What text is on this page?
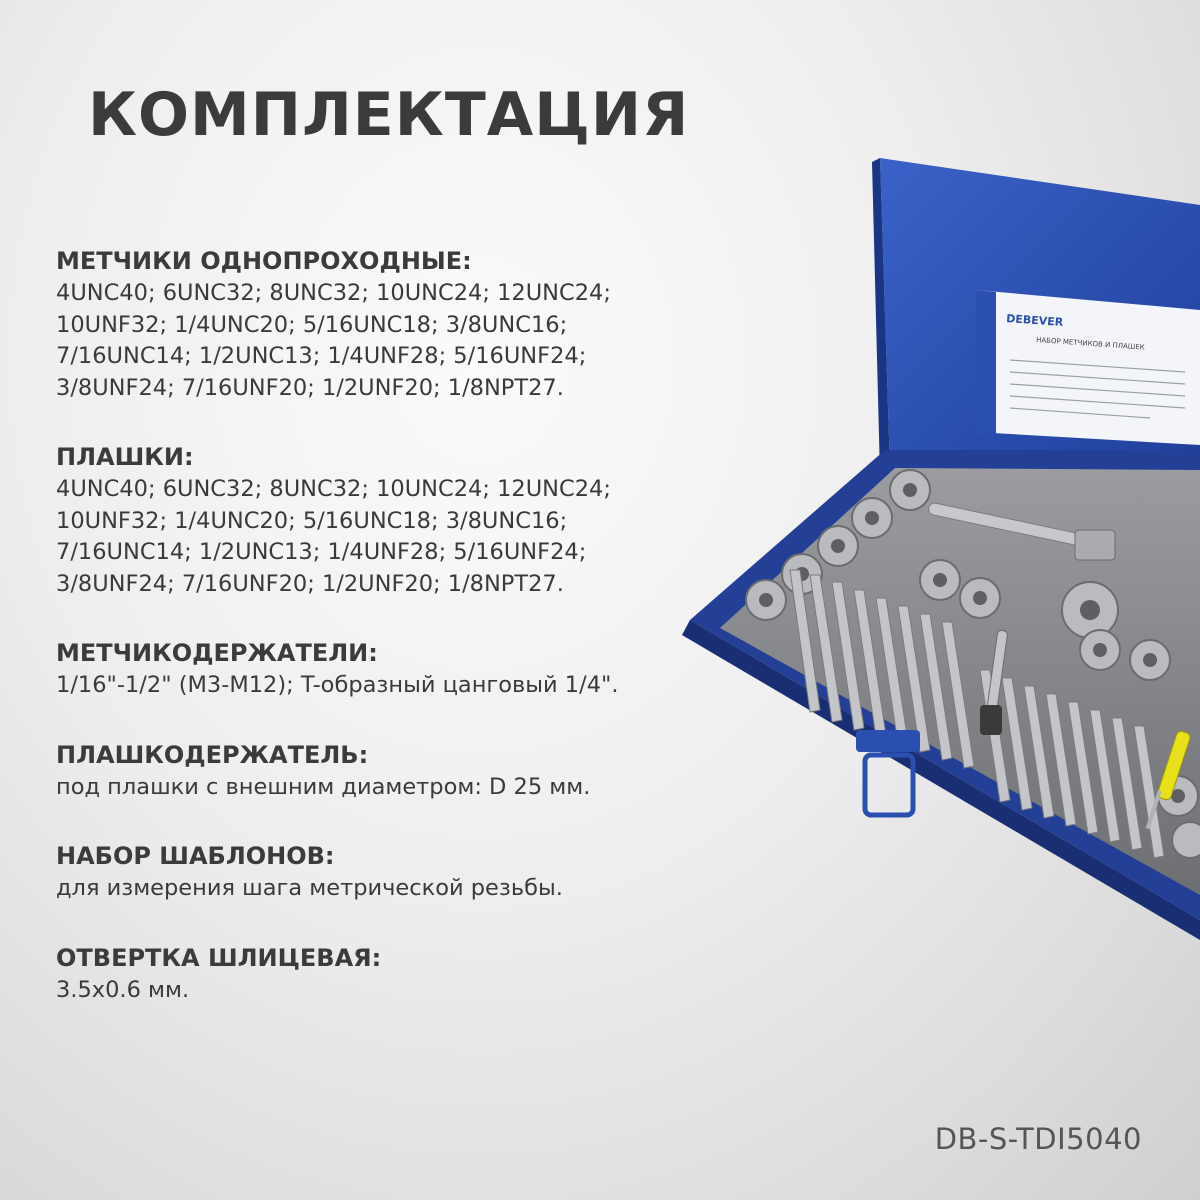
КОМПЛЕКТАЦИЯ
МЕТЧИКИ ОДНОПРОХОДНЫЕ:
4UNC40; 6UNC32; 8UNC32; 10UNC24; 12UNC24;
10UNF32; 1/4UNC20; 5/16UNC18; 3/8UNC16;
7/16UNC14; 1/2UNC13; 1/4UNF28; 5/16UNF24;
3/8UNF24; 7/16UNF20; 1/2UNF20; 1/8NPT27.
ПЛАШКИ:
4UNC40; 6UNC32; 8UNC32; 10UNC24; 12UNC24;
10UNF32; 1/4UNC20; 5/16UNC18; 3/8UNC16;
7/16UNC14; 1/2UNC13; 1/4UNF28; 5/16UNF24;
3/8UNF24; 7/16UNF20; 1/2UNF20; 1/8NPT27.
МЕТЧИКОДЕРЖАТЕЛИ:
1/16"-1/2" (M3-M12); T-образный цанговый 1/4".
ПЛАШКОДЕРЖАТЕЛЬ:
под плашки с внешним диаметром: D 25 мм.
НАБОР ШАБЛОНОВ:
для измерения шага метрической резьбы.
ОТВЕРТКА ШЛИЦЕВАЯ:
3.5x0.6 мм.
DEBEVER
НАБОР МЕТЧИКОВ И ПЛАШЕК
DB-S-TDI5040
